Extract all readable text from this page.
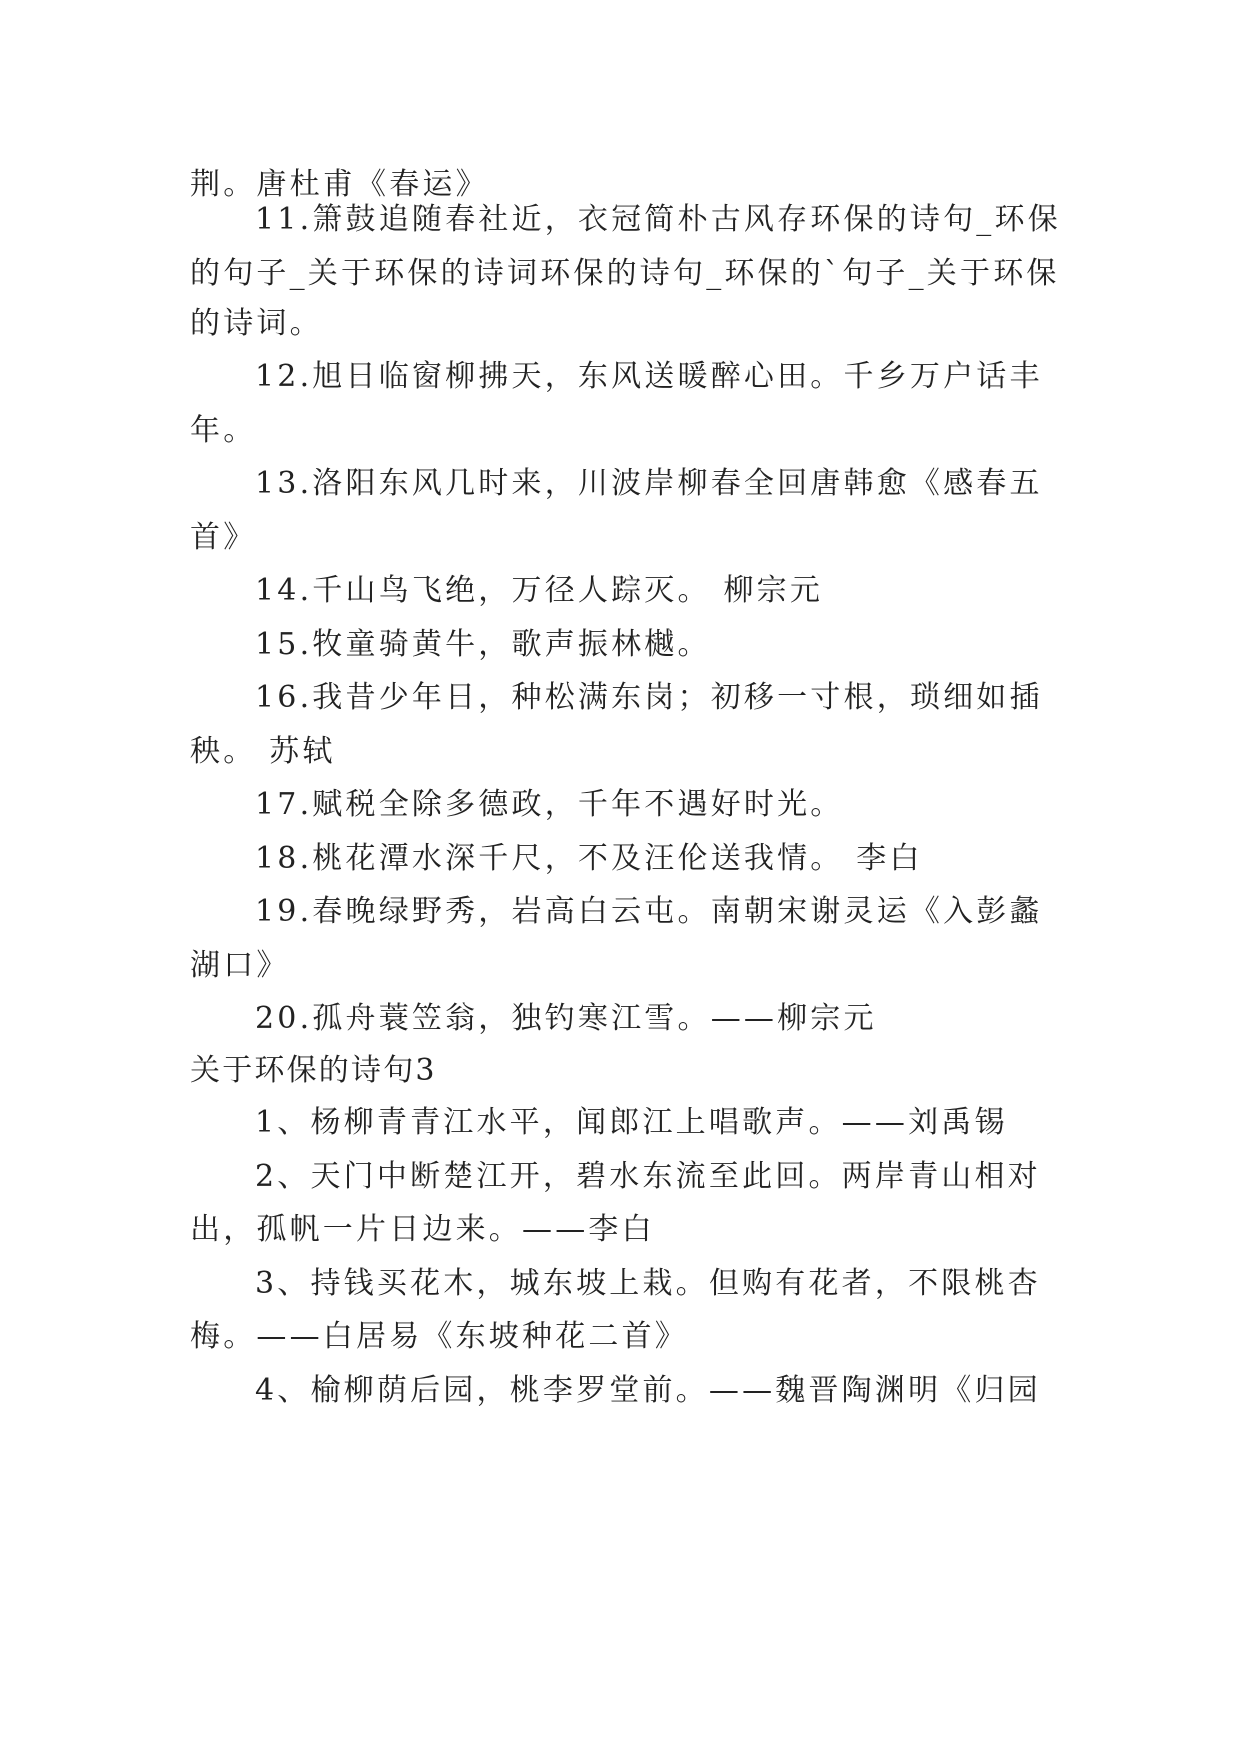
荆。唐杜甫《春运》
11.箫鼓追随春社近，衣冠简朴古风存环保的诗句_环保
的句子_关于环保的诗词环保的诗句_环保的`句子_关于环保
的诗词。
12.旭日临窗柳拂天，东风送暖醉心田。千乡万户话丰
年。
13.洛阳东风几时来，川波岸柳春全回唐韩愈《感春五
首》
14.千山鸟飞绝，万径人踪灭。 柳宗元
15.牧童骑黄牛，歌声振林樾。
16.我昔少年日，种松满东岗；初移一寸根，琐细如插
秧。 苏轼
17.赋税全除多德政，千年不遇好时光。
18.桃花潭水深千尺，不及汪伦送我情。 李白
19.春晚绿野秀，岩高白云屯。南朝宋谢灵运《入彭蠡
湖口》
20.孤舟蓑笠翁，独钓寒江雪。——柳宗元
关于环保的诗句3
1、杨柳青青江水平，闻郎江上唱歌声。——刘禹锡
2、天门中断楚江开，碧水东流至此回。两岸青山相对
出，孤帆一片日边来。——李白
3、持钱买花木，城东坡上栽。但购有花者，不限桃杏
梅。——白居易《东坡种花二首》
4、榆柳荫后园，桃李罗堂前。——魏晋陶渊明《归园
